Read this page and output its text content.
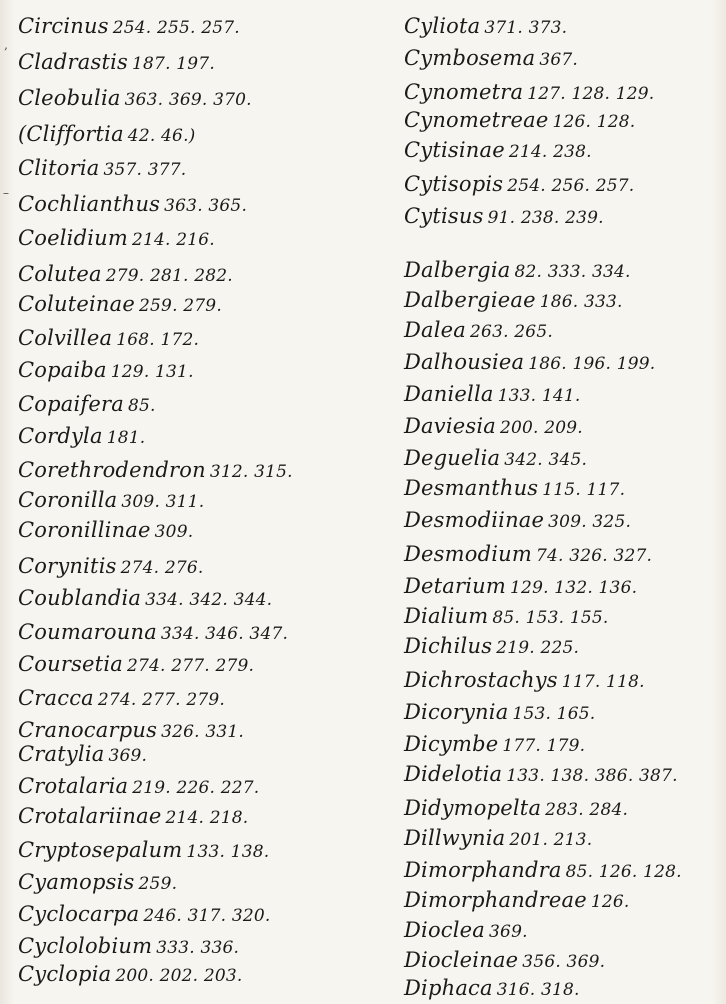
Circinus 254. 255. 257.
Cladrastis 187. 197.
Cleobulia 363. 369. 370.
(Cliffortia 42. 46.)
Clitoria 357. 377.
Cochlianthus 363. 365.
Coelidium 214. 216.
Colutea 279. 281. 282.
Coluteinae 259. 279.
Colvillea 168. 172.
Copaiba 129. 131.
Copaifera 85.
Cordyla 181.
Corethrodendron 312. 315.
Coronilla 309. 311.
Coronillinae 309.
Corynitis 274. 276.
Coublandia 334. 342. 344.
Coumarouna 334. 346. 347.
Coursetia 274. 277. 279.
Cracca 274. 277. 279.
Cranocarpus 326. 331.
Cratylia 369.
Crotalaria 219. 226. 227.
Crotalariinae 214. 218.
Cryptosepalum 133. 138.
Cyamopsis 259.
Cyclocarpa 246. 317. 320.
Cyclolobium 333. 336.
Cyclopia 200. 202. 203.
Cyliota 371. 373.
Cymbosema 367.
Cynometra 127. 128. 129.
Cynometreae 126. 128.
Cytisinae 214. 238.
Cytisopis 254. 256. 257.
Cytisus 91. 238. 239.
Dalbergia 82. 333. 334.
Dalbergieae 186. 333.
Dalea 263. 265.
Dalhousiea 186. 196. 199.
Daniella 133. 141.
Daviesia 200. 209.
Deguelia 342. 345.
Desmanthus 115. 117.
Desmodiinae 309. 325.
Desmodium 74. 326. 327.
Detarium 129. 132. 136.
Dialium 85. 153. 155.
Dichilus 219. 225.
Dichrostachys 117. 118.
Dicorynia 153. 165.
Dicymbe 177. 179.
Didelotia 133. 138. 386. 387.
Didymopelta 283. 284.
Dillwynia 201. 213.
Dimorphandra 85. 126. 128.
Dimorphandreae 126.
Dioclea 369.
Diocleinae 356. 369.
Diphaca 316. 318.
‚
–
